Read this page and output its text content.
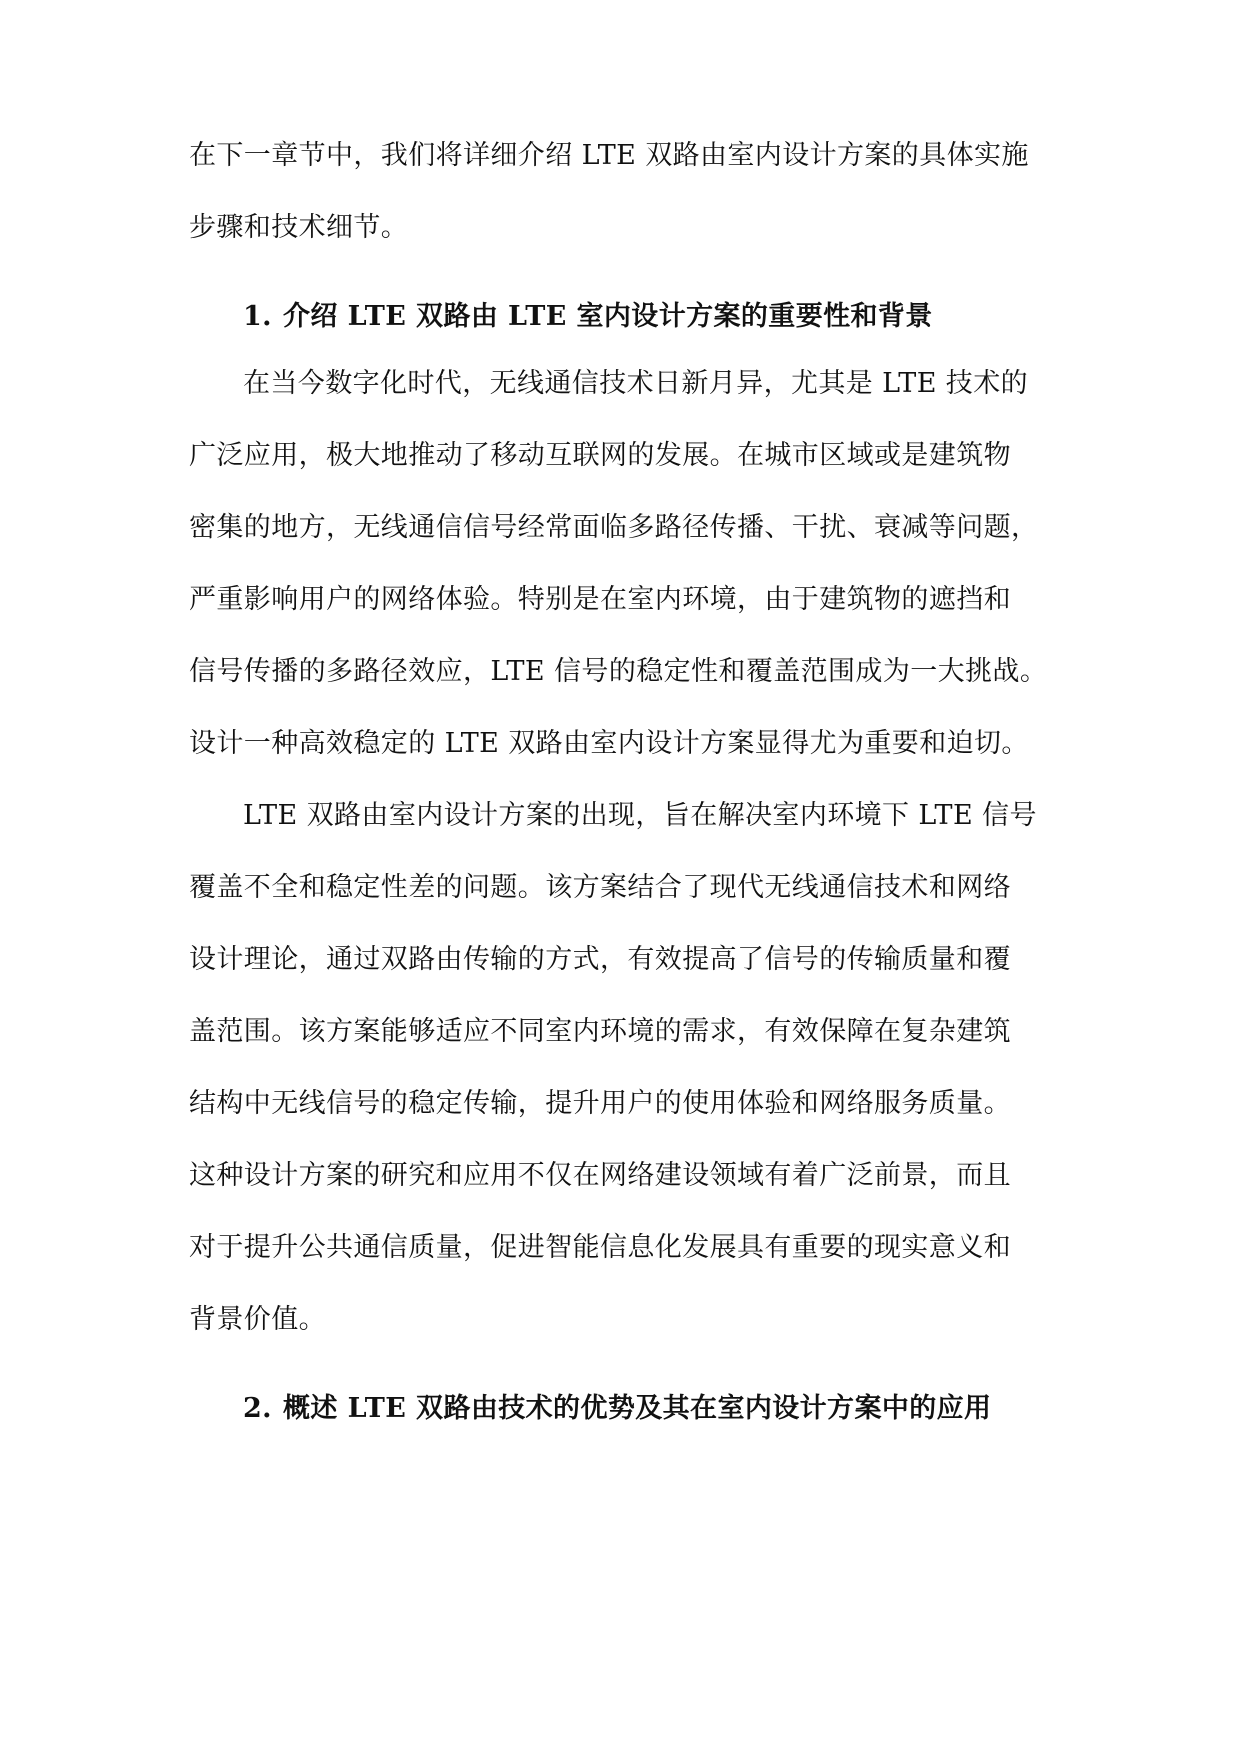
在下一章节中，我们将详细介绍 LTE 双路由室内设计方案的具体实施
步骤和技术细节。
1. 介绍 LTE 双路由 LTE 室内设计方案的重要性和背景
在当今数字化时代，无线通信技术日新月异，尤其是 LTE 技术的
广泛应用，极大地推动了移动互联网的发展。在城市区域或是建筑物
密集的地方，无线通信信号经常面临多路径传播、干扰、衰减等问题，
严重影响用户的网络体验。特别是在室内环境，由于建筑物的遮挡和
信号传播的多路径效应，LTE 信号的稳定性和覆盖范围成为一大挑战。
设计一种高效稳定的 LTE 双路由室内设计方案显得尤为重要和迫切。
LTE 双路由室内设计方案的出现，旨在解决室内环境下 LTE 信号
覆盖不全和稳定性差的问题。该方案结合了现代无线通信技术和网络
设计理论，通过双路由传输的方式，有效提高了信号的传输质量和覆
盖范围。该方案能够适应不同室内环境的需求，有效保障在复杂建筑
结构中无线信号的稳定传输，提升用户的使用体验和网络服务质量。
这种设计方案的研究和应用不仅在网络建设领域有着广泛前景，而且
对于提升公共通信质量，促进智能信息化发展具有重要的现实意义和
背景价值。
2. 概述 LTE 双路由技术的优势及其在室内设计方案中的应用
